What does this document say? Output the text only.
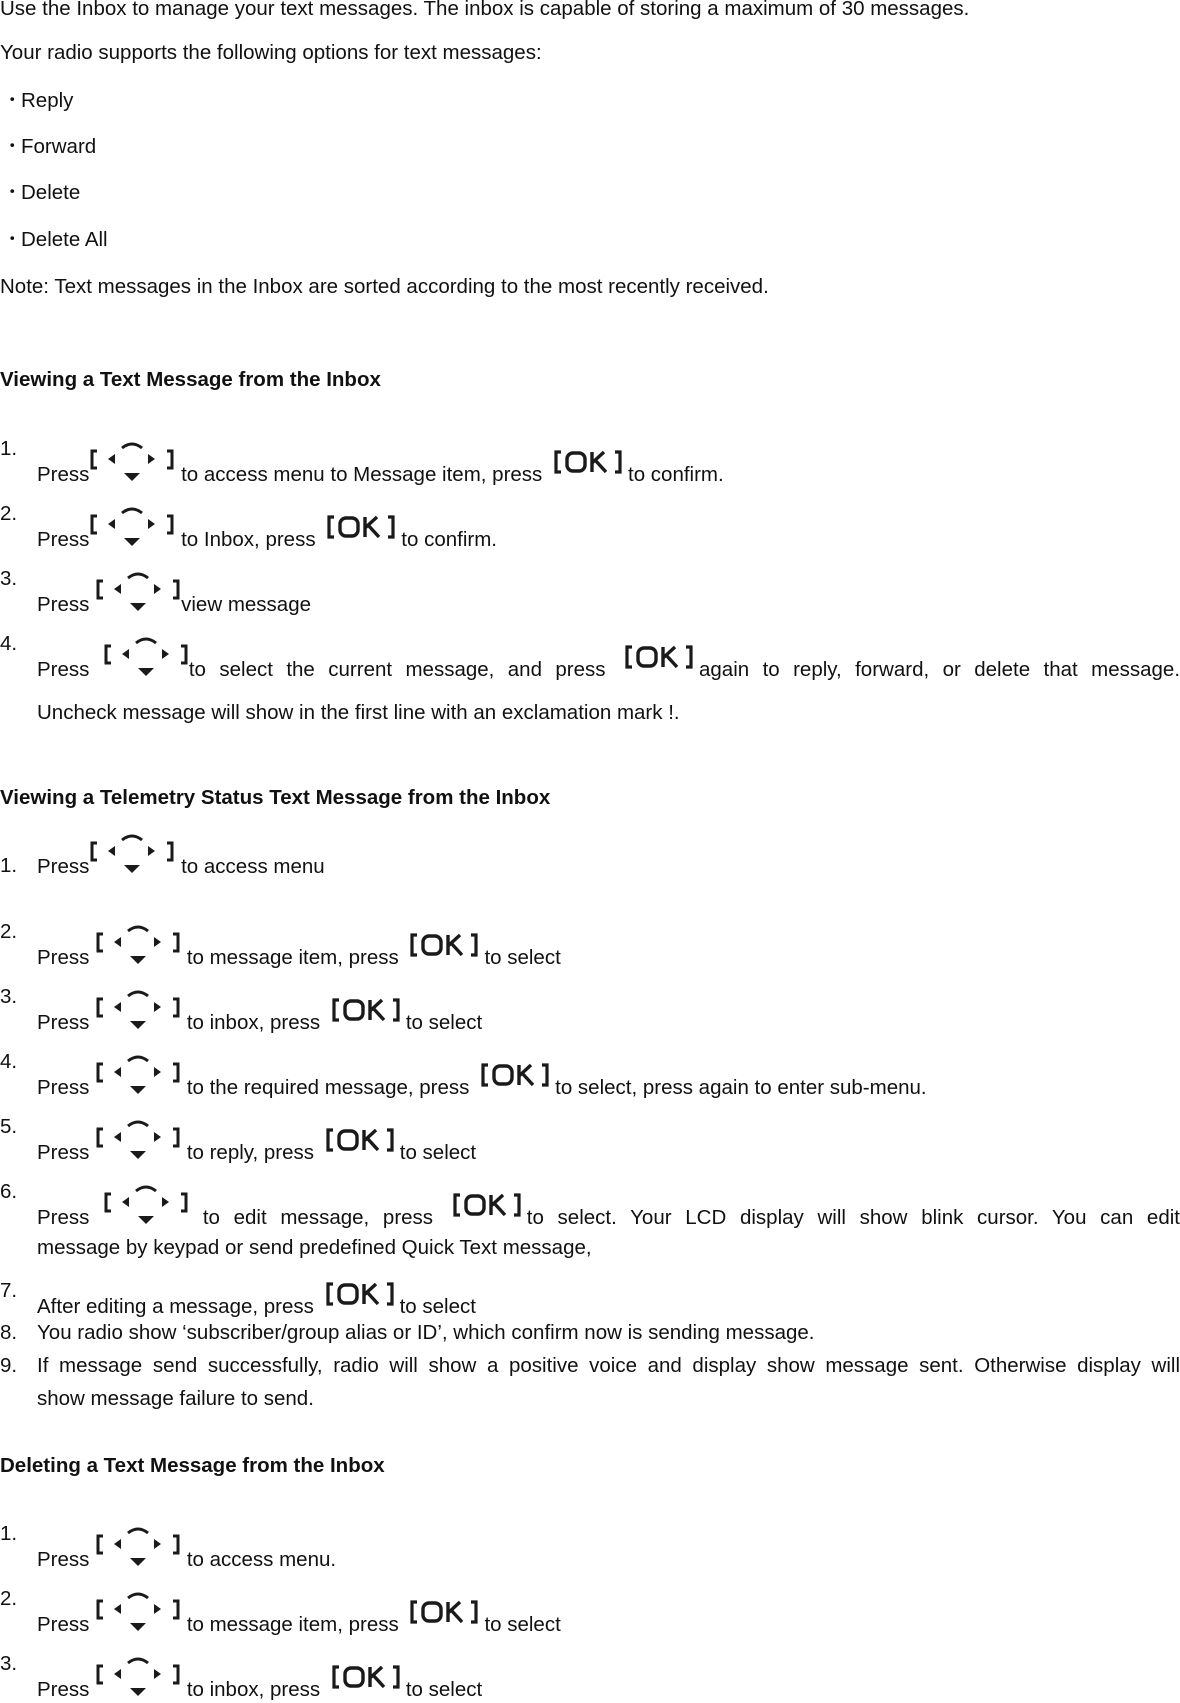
Use the Inbox to manage your text messages. The inbox is capable of storing a maximum of 30 messages.
Your radio supports the following options for text messages:
・
Reply
・
Forward
・
Delete
・
Delete All
Note: Text messages in the Inbox are sorted according to the most recently received.
Viewing a Text Message from the Inbox
1.
Press	to access menu to Message item, press	to confirm.
2.
Press	to Inbox, press	to confirm.
3.
Press	view message
4.
Press	to select the current message, and press	again to reply, forward, or delete that message.
Uncheck message will show in the first line with an exclamation mark !.
Viewing a Telemetry Status Text Message from the Inbox
1. Press	to access menu
2.
Press	to message item, press	to select
3.
Press	to inbox, press	to select
4.
Press	to the required message, press	to select, press again to enter sub-menu.
5.
Press	to reply, press	to select
6.
Press	to edit message, press	to select. Your LCD display will show blink cursor. You can edit
message by keypad or send predefined Quick Text message,
7.
After editing a message, press	to select
8. You radio show ‘subscriber/group alias or ID’, which confirm now is sending message.
9. If message send successfully, radio will show a positive voice and display show message sent. Otherwise display will
show message failure to send.
Deleting a Text Message from the Inbox
1.
Press	to access menu.
2.
Press	to message item, press	to select
3.
Press	to inbox, press	to select
